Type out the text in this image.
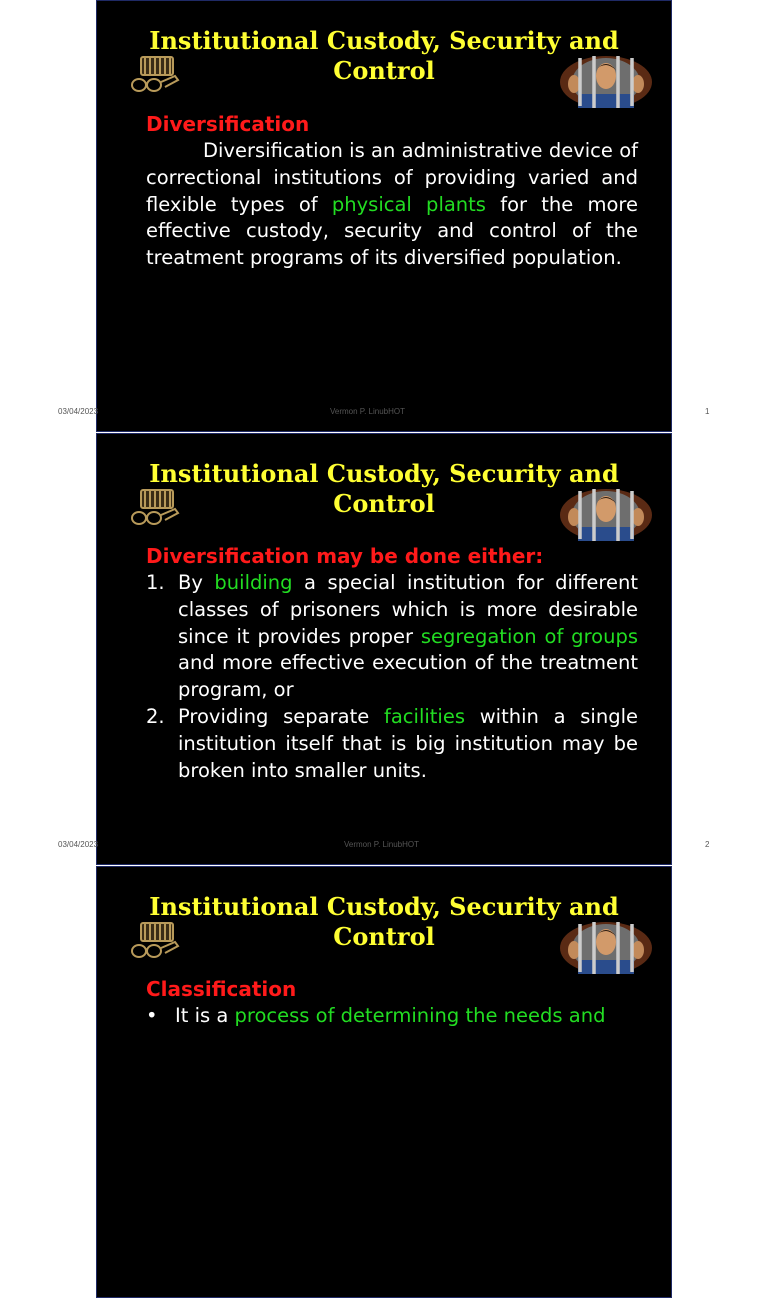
Institutional Custody, Security and
Control
Diversification
Diversification is an administrative device of correctional institutions of providing varied and flexible types of physical plants for the more effective custody, security and control of the treatment programs of its diversified population.
03/04/2023	Vermon P. LinubHOT	1
Institutional Custody, Security and
Control
Diversification may be done either:
1. By building a special institution for different classes of prisoners which is more desirable since it provides proper segregation of groups and more effective execution of the treatment program, or
2. Providing separate facilities within a single institution itself that is big institution may be broken into smaller units.
03/04/2023	Vermon P. LinubHOT	2
Institutional Custody, Security and
Control
Classification
• It is a process of determining the needs and
